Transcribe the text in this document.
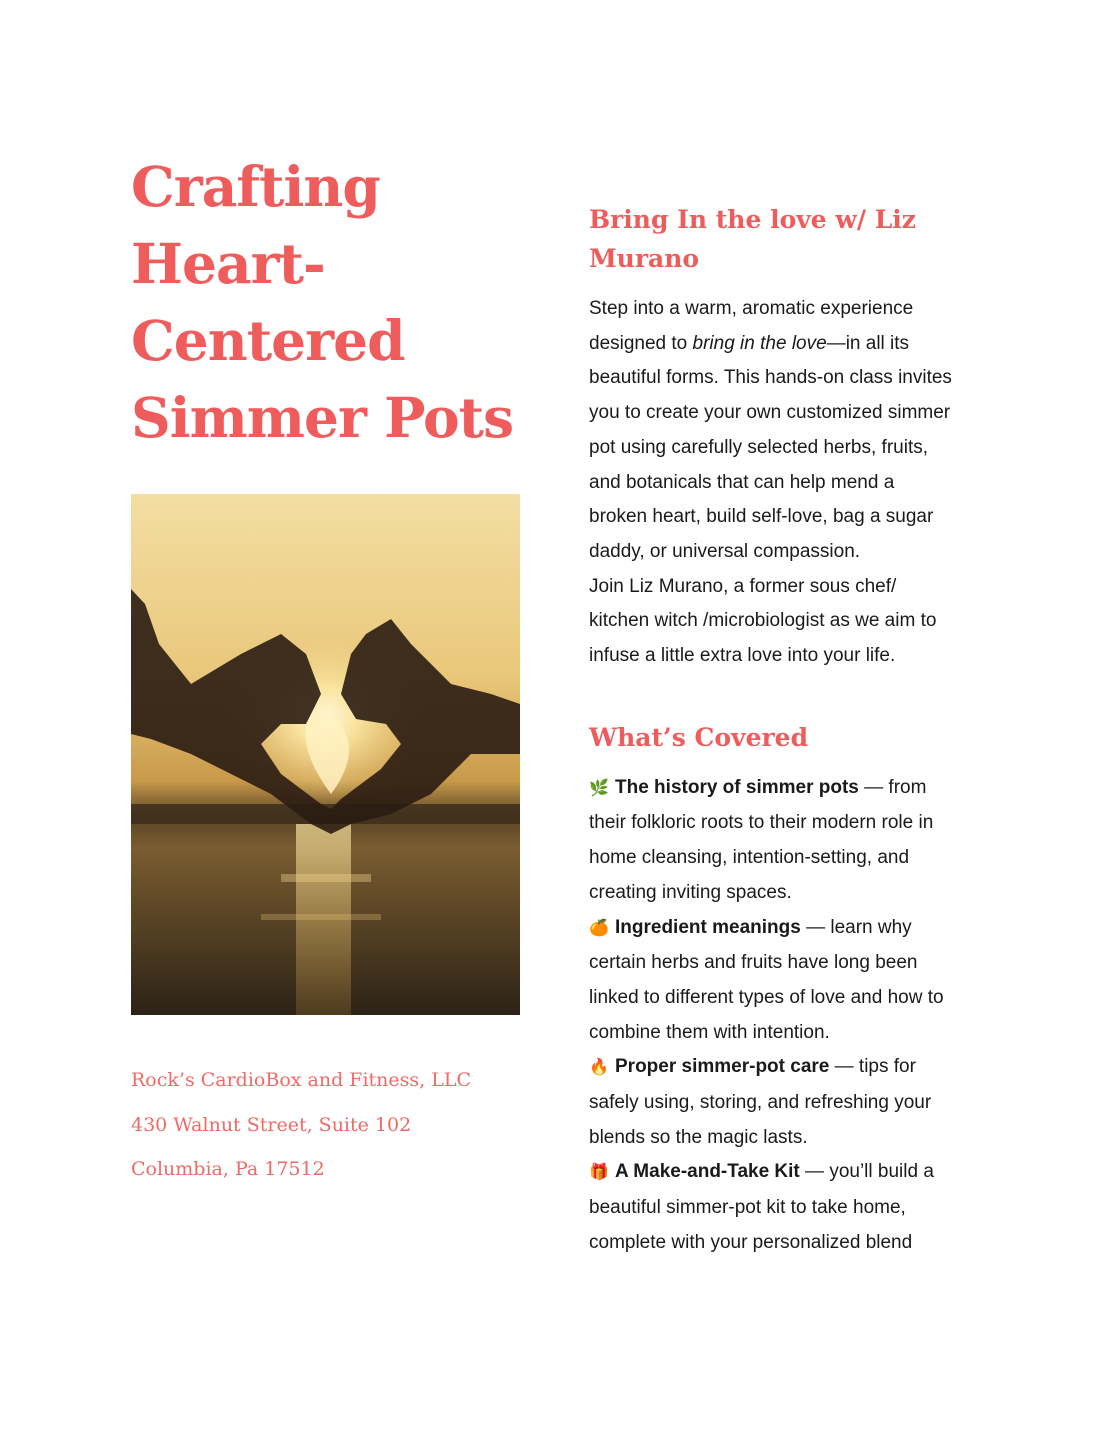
Crafting
Heart-
Centered
Simmer Pots
Rock’s CardioBox and Fitness, LLC
430 Walnut Street, Suite 102
Columbia, Pa 17512
Bring In the love w/ Liz
Murano
Step into a warm, aromatic experience
designed to bring in the love—in all its
beautiful forms. This hands-on class invites
you to create your own customized simmer
pot using carefully selected herbs, fruits,
and botanicals that can help mend a
broken heart, build self-love, bag a sugar
daddy, or universal compassion.
Join Liz Murano, a former sous chef/
kitchen witch /microbiologist as we aim to
infuse a little extra love into your life.
What’s Covered
🌿 The history of simmer pots — from
their folkloric roots to their modern role in
home cleansing, intention-setting, and
creating inviting spaces.
🍊 Ingredient meanings — learn why
certain herbs and fruits have long been
linked to different types of love and how to
combine them with intention.
🔥 Proper simmer-pot care — tips for
safely using, storing, and refreshing your
blends so the magic lasts.
🎁 A Make-and-Take Kit — you’ll build a
beautiful simmer-pot kit to take home,
complete with your personalized blend
